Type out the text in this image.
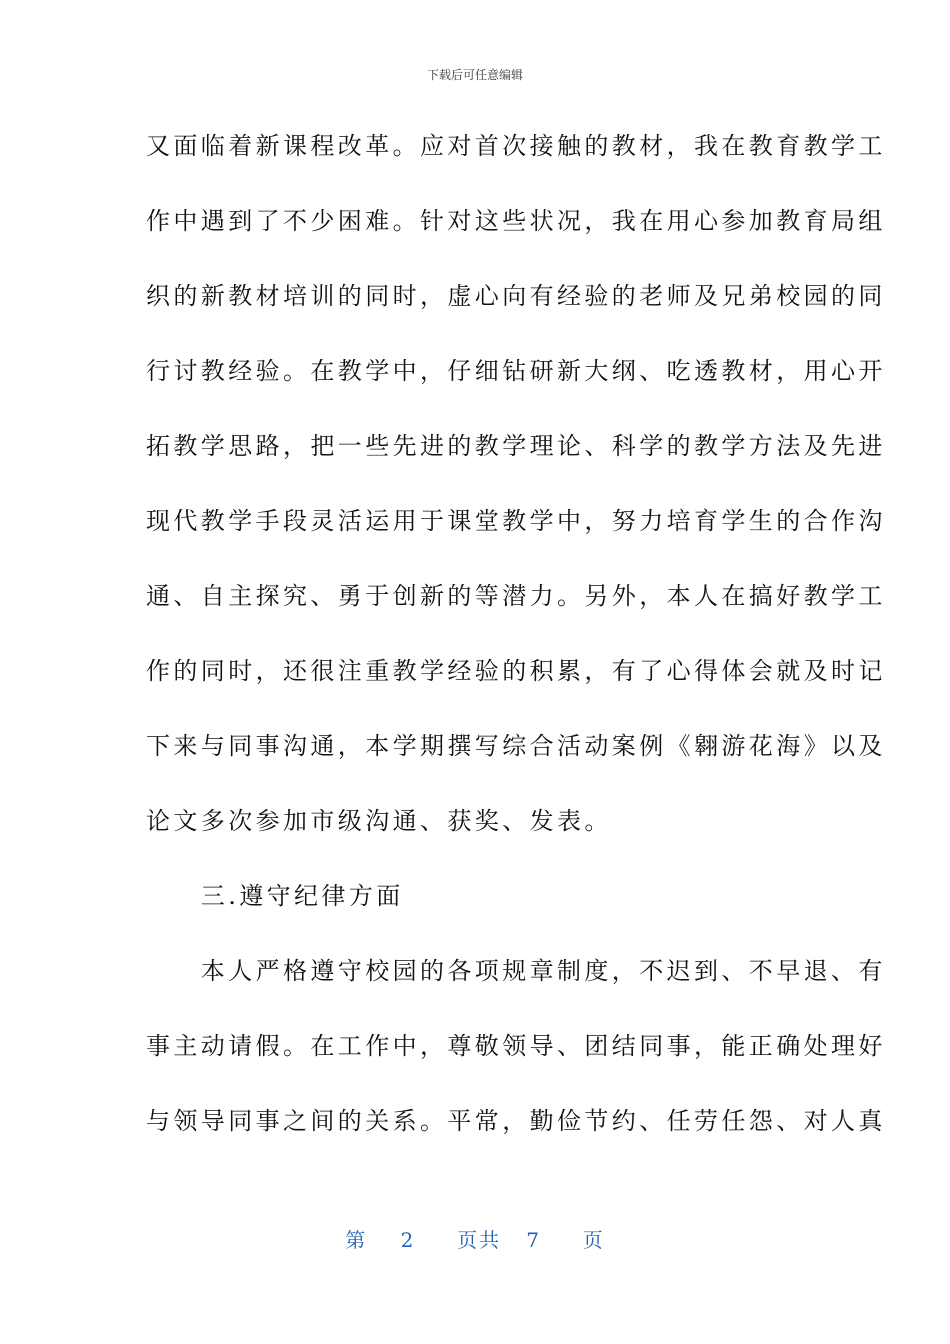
下载后可任意编辑
又面临着新课程改革。应对首次接触的教材，我在教育教学工
作中遇到了不少困难。针对这些状况，我在用心参加教育局组
织的新教材培训的同时，虚心向有经验的老师及兄弟校园的同
行讨教经验。在教学中，仔细钻研新大纲、吃透教材，用心开
拓教学思路，把一些先进的教学理论、科学的教学方法及先进
现代教学手段灵活运用于课堂教学中，努力培育学生的合作沟
通、自主探究、勇于创新的等潜力。另外，本人在搞好教学工
作的同时，还很注重教学经验的积累，有了心得体会就及时记
下来与同事沟通，本学期撰写综合活动案例《翱游花海》以及
论文多次参加市级沟通、获奖、发表。
　　三.遵守纪律方面
　　本人严格遵守校园的各项规章制度，不迟到、不早退、有
事主动请假。在工作中，尊敬领导、团结同事，能正确处理好
与领导同事之间的关系。平常，勤俭节约、任劳任怨、对人真
第 2 页共 7 页
